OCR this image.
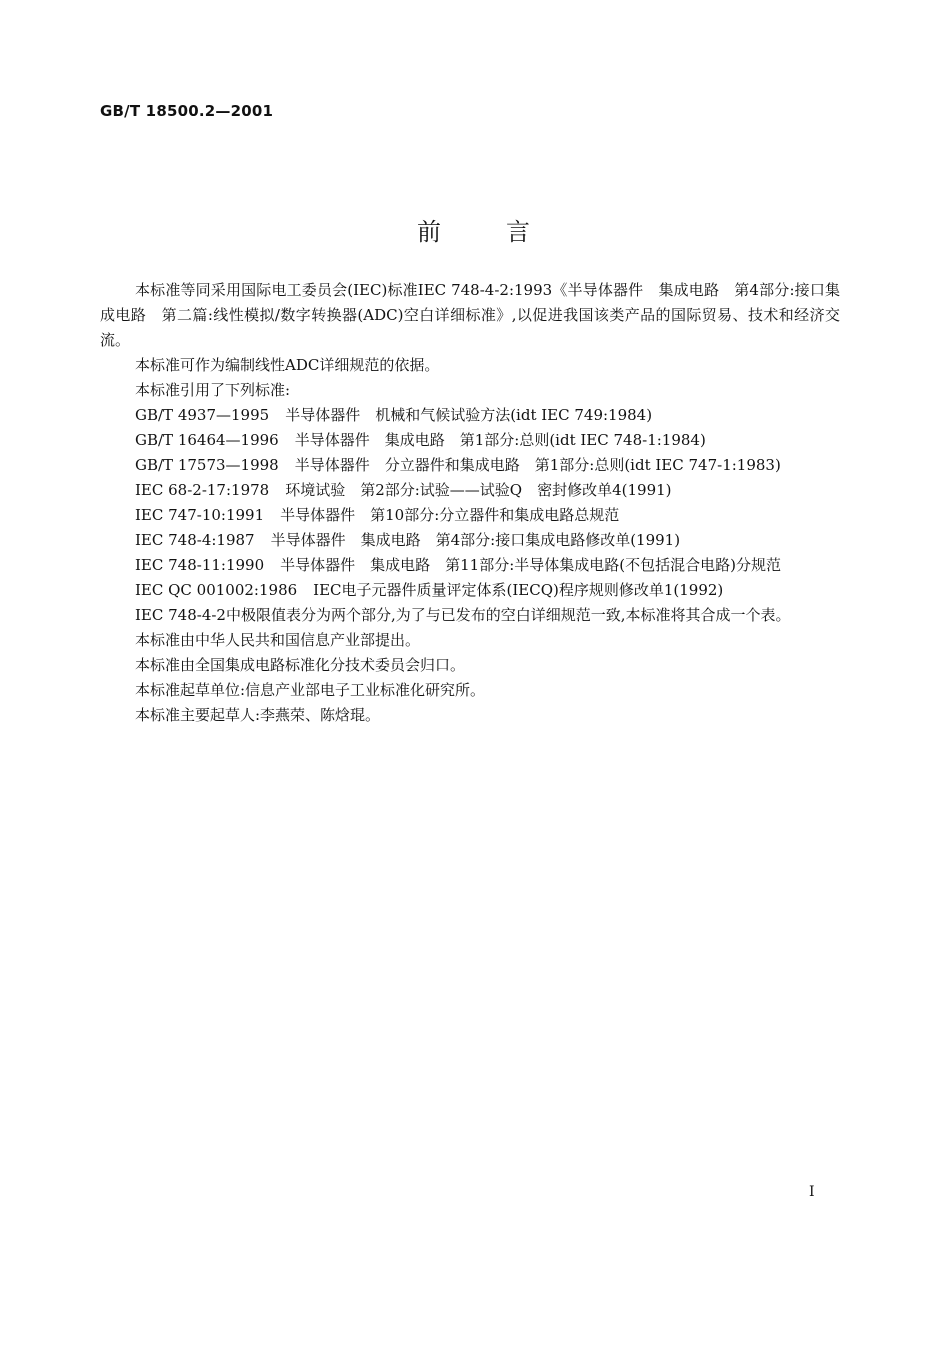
GB/T 18500.2—2001
前	言

本标准等同采用国际电工委员会(IEC)标准IEC 748-4-2:1993《半导体器件　集成电路　第4部分:接口集成电路　第二篇:线性模拟/数字转换器(ADC)空白详细标准》,以促进我国该类产品的国际贸易、技术和经济交流。

本标准可作为编制线性ADC详细规范的依据。

本标准引用了下列标准:

GB/T 4937—1995	半导体器件　机械和气候试验方法(idt IEC 749:1984)
GB/T 16464—1996	半导体器件　集成电路　第1部分:总则(idt IEC 748-1:1984)
GB/T 17573—1998	半导体器件　分立器件和集成电路　第1部分:总则(idt IEC 747-1:1983)
IEC 68-2-17:1978	环境试验　第2部分:试验——试验Q　密封修改单4(1991)
IEC 747-10:1991	半导体器件　第10部分:分立器件和集成电路总规范
IEC 748-4:1987	半导体器件　集成电路　第4部分:接口集成电路修改单(1991)
IEC 748-11:1990	半导体器件　集成电路　第11部分:半导体集成电路(不包括混合电路)分规范
IEC QC 001002:1986	IEC电子元器件质量评定体系(IECQ)程序规则修改单1(1992)

IEC 748-4-2中极限值表分为两个部分,为了与已发布的空白详细规范一致,本标准将其合成一个表。

本标准由中华人民共和国信息产业部提出。

本标准由全国集成电路标准化分技术委员会归口。

本标准起草单位:信息产业部电子工业标准化研究所。

本标准主要起草人:李燕荣、陈焓琨。

I
